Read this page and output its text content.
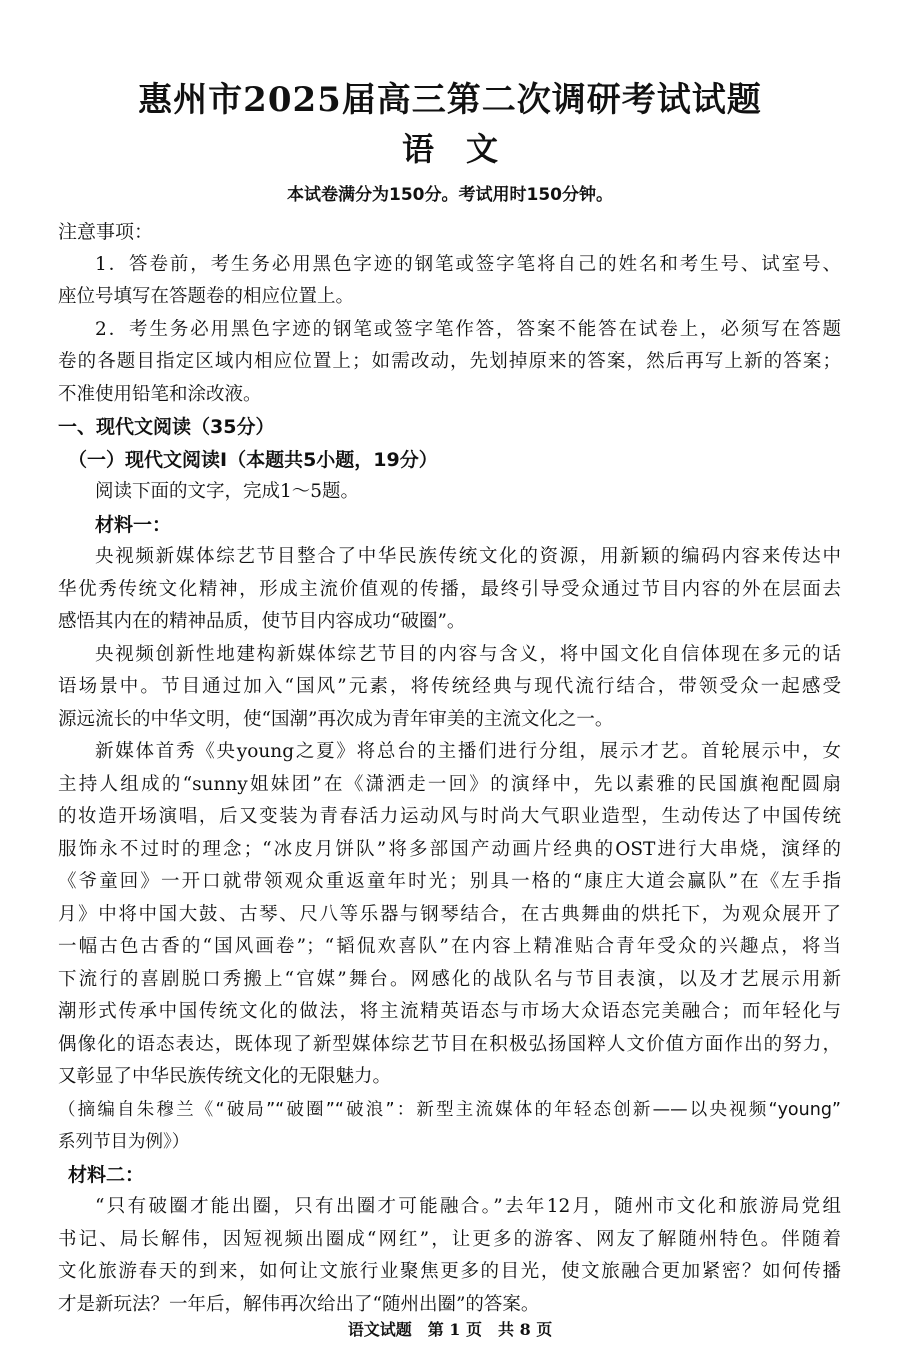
惠州市2025届高三第二次调研考试试题
语　文
本试卷满分为150分。考试用时150分钟。
注意事项：
1．答卷前，考生务必用黑色字迹的钢笔或签字笔将自己的姓名和考生号、试室号、
座位号填写在答题卷的相应位置上。
2．考生务必用黑色字迹的钢笔或签字笔作答，答案不能答在试卷上，必须写在答题
卷的各题目指定区域内相应位置上；如需改动，先划掉原来的答案，然后再写上新的答案；
不准使用铅笔和涂改液。
一、现代文阅读（35分）
（一）现代文阅读Ⅰ（本题共5小题，19分）
阅读下面的文字，完成1～5题。
材料一：
央视频新媒体综艺节目整合了中华民族传统文化的资源，用新颖的编码内容来传达中
华优秀传统文化精神，形成主流价值观的传播，最终引导受众通过节目内容的外在层面去
感悟其内在的精神品质，使节目内容成功“破圈”。
央视频创新性地建构新媒体综艺节目的内容与含义，将中国文化自信体现在多元的话
语场景中。节目通过加入“国风”元素，将传统经典与现代流行结合，带领受众一起感受
源远流长的中华文明，使“国潮”再次成为青年审美的主流文化之一。
新媒体首秀《央young之夏》将总台的主播们进行分组，展示才艺。首轮展示中，女
主持人组成的“sunny姐妹团”在《潇洒走一回》的演绎中，先以素雅的民国旗袍配圆扇
的妆造开场演唱，后又变装为青春活力运动风与时尚大气职业造型，生动传达了中国传统
服饰永不过时的理念；“冰皮月饼队”将多部国产动画片经典的OST进行大串烧，演绎的
《爷童回》一开口就带领观众重返童年时光；别具一格的“康庄大道会赢队”在《左手指
月》中将中国大鼓、古琴、尺八等乐器与钢琴结合，在古典舞曲的烘托下，为观众展开了
一幅古色古香的“国风画卷”；“韬侃欢喜队”在内容上精准贴合青年受众的兴趣点，将当
下流行的喜剧脱口秀搬上“官媒”舞台。网感化的战队名与节目表演，以及才艺展示用新
潮形式传承中国传统文化的做法，将主流精英语态与市场大众语态完美融合；而年轻化与
偶像化的语态表达，既体现了新型媒体综艺节目在积极弘扬国粹人文价值方面作出的努力，
又彰显了中华民族传统文化的无限魅力。
（摘编自朱穆兰《“破局”“破圈”“破浪”：新型主流媒体的年轻态创新——以央视频“young”
系列节目为例》）
材料二：
“只有破圈才能出圈，只有出圈才可能融合。”去年12月，随州市文化和旅游局党组
书记、局长解伟，因短视频出圈成“网红”，让更多的游客、网友了解随州特色。伴随着
文化旅游春天的到来，如何让文旅行业聚焦更多的目光，使文旅融合更加紧密？如何传播
才是新玩法？一年后，解伟再次给出了“随州出圈”的答案。
语文试题　第 1 页　共 8 页
